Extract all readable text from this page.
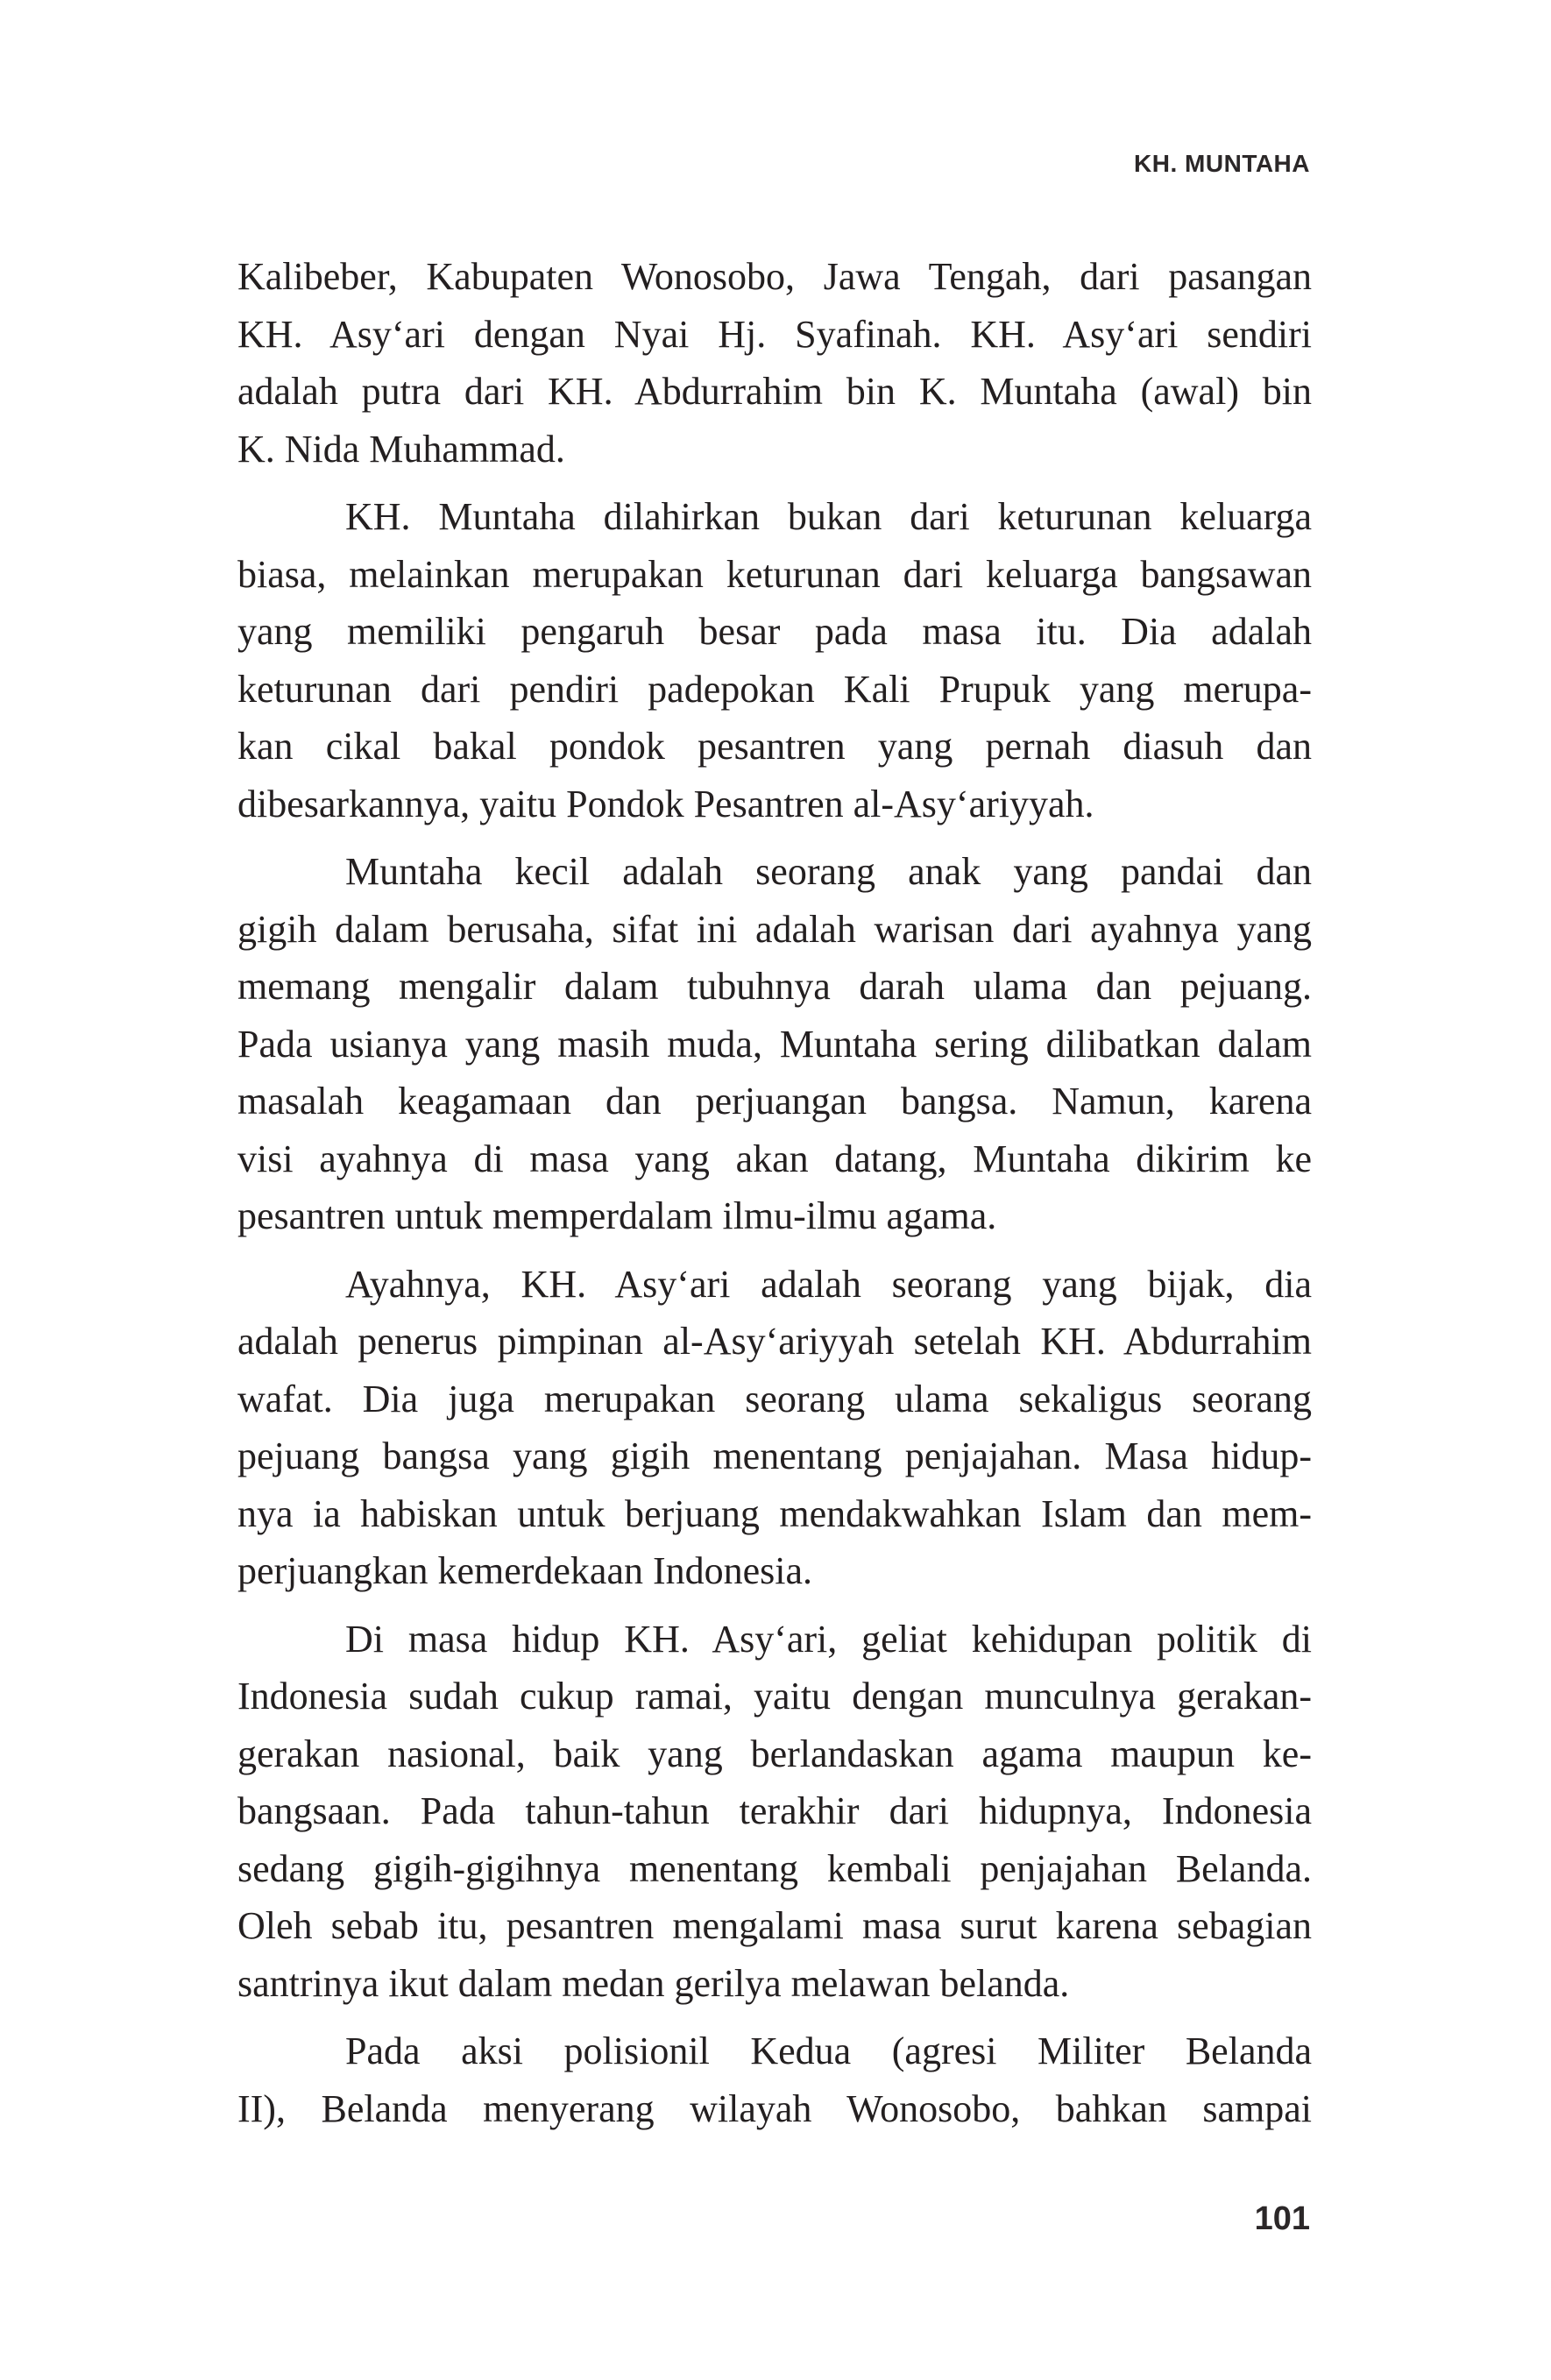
KH. MUNTAHA
Kalibeber, Kabupaten Wonosobo, Jawa Tengah, dari pasangan
KH. Asy‘ari dengan Nyai Hj. Syafinah. KH. Asy‘ari sendiri
adalah putra dari KH. Abdurrahim bin K. Muntaha (awal) bin
K. Nida Muhammad.
KH. Muntaha dilahirkan bukan dari keturunan keluarga
biasa, melainkan merupakan keturunan dari keluarga bangsawan
yang memiliki pengaruh besar pada masa itu. Dia adalah
keturunan dari pendiri padepokan Kali Prupuk yang merupa-
kan cikal bakal pondok pesantren yang pernah diasuh dan
dibesarkannya, yaitu Pondok Pesantren al-Asy‘ariyyah.
Muntaha kecil adalah seorang anak yang pandai dan
gigih dalam berusaha, sifat ini adalah warisan dari ayahnya yang
memang mengalir dalam tubuhnya darah ulama dan pejuang.
Pada usianya yang masih muda, Muntaha sering dilibatkan dalam
masalah keagamaan dan perjuangan bangsa. Namun, karena
visi ayahnya di masa yang akan datang, Muntaha dikirim ke
pesantren untuk memperdalam ilmu-ilmu agama.
Ayahnya, KH. Asy‘ari adalah seorang yang bijak, dia
adalah penerus pimpinan al-Asy‘ariyyah setelah KH. Abdurrahim
wafat. Dia juga merupakan seorang ulama sekaligus seorang
pejuang bangsa yang gigih menentang penjajahan. Masa hidup-
nya ia habiskan untuk berjuang mendakwahkan Islam dan mem-
perjuangkan kemerdekaan Indonesia.
Di masa hidup KH. Asy‘ari, geliat kehidupan politik di
Indonesia sudah cukup ramai, yaitu dengan munculnya gerakan-
gerakan nasional, baik yang berlandaskan agama maupun ke-
bangsaan. Pada tahun-tahun terakhir dari hidupnya, Indonesia
sedang gigih-gigihnya menentang kembali penjajahan Belanda.
Oleh sebab itu, pesantren mengalami masa surut karena sebagian
santrinya ikut dalam medan gerilya melawan belanda.
Pada aksi polisionil Kedua (agresi Militer Belanda
II), Belanda menyerang wilayah Wonosobo, bahkan sampai
101
